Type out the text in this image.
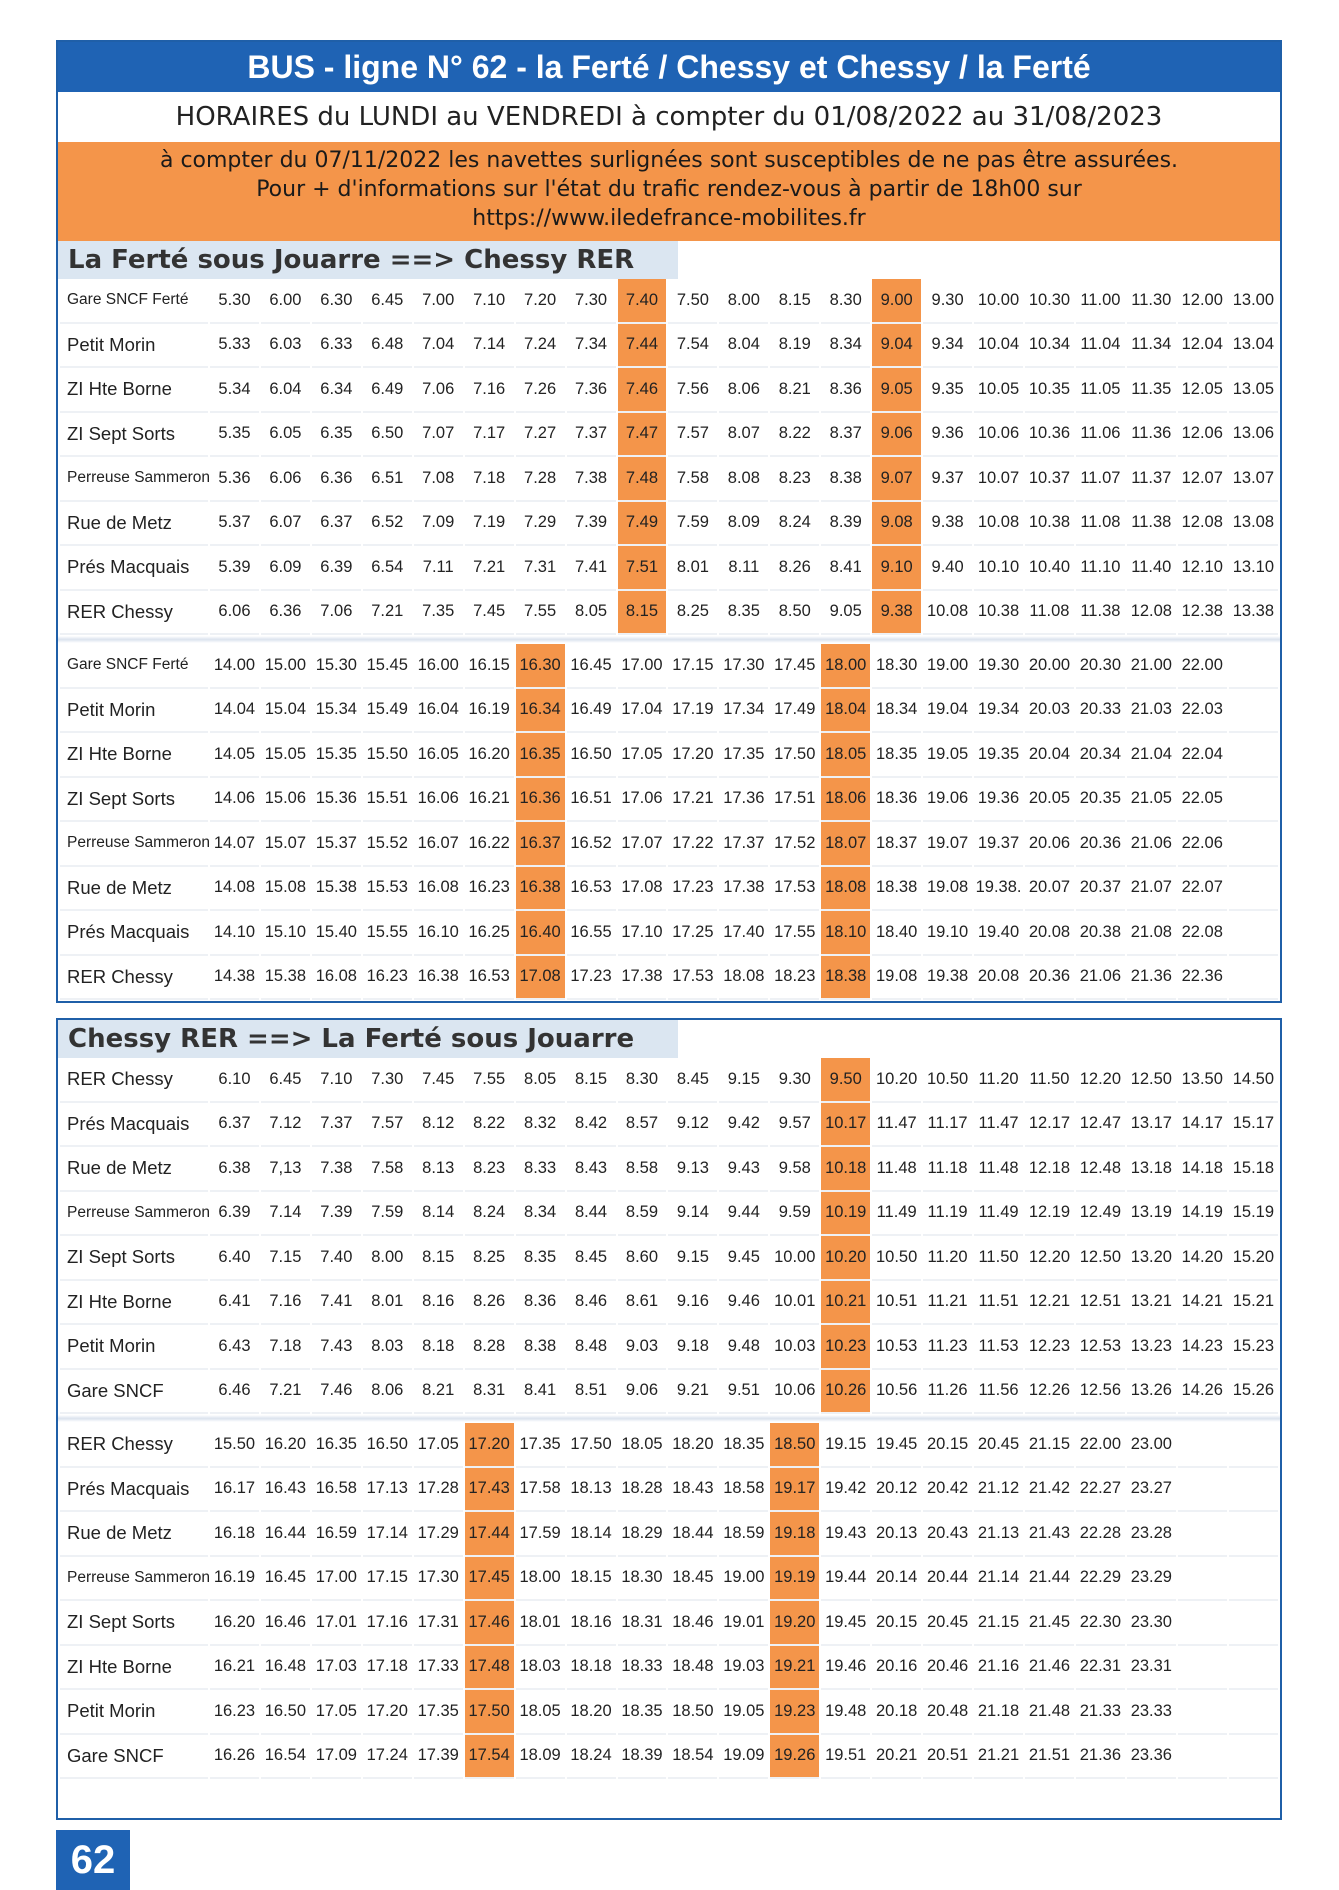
BUS - ligne N° 62 - la Ferté / Chessy et Chessy / la Ferté
HORAIRES du LUNDI au VENDREDI à compter du 01/08/2022 au 31/08/2023
à compter du 07/11/2022 les navettes surlignées sont susceptibles de ne pas être assurées.
Pour + d'informations sur l'état du trafic rendez-vous à partir de 18h00 sur
https://www.iledefrance-mobilites.fr
La Ferté sous Jouarre ==> Chessy RER
Gare SNCF Ferté	5.30	6.00	6.30	6.45	7.00	7.10	7.20	7.30	7.40	7.50	8.00	8.15	8.30	9.00	9.30	10.00	10.30	11.00	11.30	12.00	13.00
Petit Morin	5.33	6.03	6.33	6.48	7.04	7.14	7.24	7.34	7.44	7.54	8.04	8.19	8.34	9.04	9.34	10.04	10.34	11.04	11.34	12.04	13.04
ZI Hte Borne	5.34	6.04	6.34	6.49	7.06	7.16	7.26	7.36	7.46	7.56	8.06	8.21	8.36	9.05	9.35	10.05	10.35	11.05	11.35	12.05	13.05
ZI Sept Sorts	5.35	6.05	6.35	6.50	7.07	7.17	7.27	7.37	7.47	7.57	8.07	8.22	8.37	9.06	9.36	10.06	10.36	11.06	11.36	12.06	13.06
Perreuse Sammeron	5.36	6.06	6.36	6.51	7.08	7.18	7.28	7.38	7.48	7.58	8.08	8.23	8.38	9.07	9.37	10.07	10.37	11.07	11.37	12.07	13.07
Rue de Metz	5.37	6.07	6.37	6.52	7.09	7.19	7.29	7.39	7.49	7.59	8.09	8.24	8.39	9.08	9.38	10.08	10.38	11.08	11.38	12.08	13.08
Prés Macquais	5.39	6.09	6.39	6.54	7.11	7.21	7.31	7.41	7.51	8.01	8.11	8.26	8.41	9.10	9.40	10.10	10.40	11.10	11.40	12.10	13.10
RER Chessy	6.06	6.36	7.06	7.21	7.35	7.45	7.55	8.05	8.15	8.25	8.35	8.50	9.05	9.38	10.08	10.38	11.08	11.38	12.08	12.38	13.38
Gare SNCF Ferté	14.00	15.00	15.30	15.45	16.00	16.15	16.30	16.45	17.00	17.15	17.30	17.45	18.00	18.30	19.00	19.30	20.00	20.30	21.00	22.00	
Petit Morin	14.04	15.04	15.34	15.49	16.04	16.19	16.34	16.49	17.04	17.19	17.34	17.49	18.04	18.34	19.04	19.34	20.03	20.33	21.03	22.03	
ZI Hte Borne	14.05	15.05	15.35	15.50	16.05	16.20	16.35	16.50	17.05	17.20	17.35	17.50	18.05	18.35	19.05	19.35	20.04	20.34	21.04	22.04	
ZI Sept Sorts	14.06	15.06	15.36	15.51	16.06	16.21	16.36	16.51	17.06	17.21	17.36	17.51	18.06	18.36	19.06	19.36	20.05	20.35	21.05	22.05	
Perreuse Sammeron	14.07	15.07	15.37	15.52	16.07	16.22	16.37	16.52	17.07	17.22	17.37	17.52	18.07	18.37	19.07	19.37	20.06	20.36	21.06	22.06	
Rue de Metz	14.08	15.08	15.38	15.53	16.08	16.23	16.38	16.53	17.08	17.23	17.38	17.53	18.08	18.38	19.08	19.38.	20.07	20.37	21.07	22.07	
Prés Macquais	14.10	15.10	15.40	15.55	16.10	16.25	16.40	16.55	17.10	17.25	17.40	17.55	18.10	18.40	19.10	19.40	20.08	20.38	21.08	22.08	
RER Chessy	14.38	15.38	16.08	16.23	16.38	16.53	17.08	17.23	17.38	17.53	18.08	18.23	18.38	19.08	19.38	20.08	20.36	21.06	21.36	22.36	
Chessy RER ==> La Ferté sous Jouarre
RER Chessy	6.10	6.45	7.10	7.30	7.45	7.55	8.05	8.15	8.30	8.45	9.15	9.30	9.50	10.20	10.50	11.20	11.50	12.20	12.50	13.50	14.50
Prés Macquais	6.37	7.12	7.37	7.57	8.12	8.22	8.32	8.42	8.57	9.12	9.42	9.57	10.17	11.47	11.17	11.47	12.17	12.47	13.17	14.17	15.17
Rue de Metz	6.38	7,13	7.38	7.58	8.13	8.23	8.33	8.43	8.58	9.13	9.43	9.58	10.18	11.48	11.18	11.48	12.18	12.48	13.18	14.18	15.18
Perreuse Sammeron	6.39	7.14	7.39	7.59	8.14	8.24	8.34	8.44	8.59	9.14	9.44	9.59	10.19	11.49	11.19	11.49	12.19	12.49	13.19	14.19	15.19
ZI Sept Sorts	6.40	7.15	7.40	8.00	8.15	8.25	8.35	8.45	8.60	9.15	9.45	10.00	10.20	10.50	11.20	11.50	12.20	12.50	13.20	14.20	15.20
ZI Hte Borne	6.41	7.16	7.41	8.01	8.16	8.26	8.36	8.46	8.61	9.16	9.46	10.01	10.21	10.51	11.21	11.51	12.21	12.51	13.21	14.21	15.21
Petit Morin	6.43	7.18	7.43	8.03	8.18	8.28	8.38	8.48	9.03	9.18	9.48	10.03	10.23	10.53	11.23	11.53	12.23	12.53	13.23	14.23	15.23
Gare SNCF	6.46	7.21	7.46	8.06	8.21	8.31	8.41	8.51	9.06	9.21	9.51	10.06	10.26	10.56	11.26	11.56	12.26	12.56	13.26	14.26	15.26
RER Chessy	15.50	16.20	16.35	16.50	17.05	17.20	17.35	17.50	18.05	18.20	18.35	18.50	19.15	19.45	20.15	20.45	21.15	22.00	23.00		
Prés Macquais	16.17	16.43	16.58	17.13	17.28	17.43	17.58	18.13	18.28	18.43	18.58	19.17	19.42	20.12	20.42	21.12	21.42	22.27	23.27		
Rue de Metz	16.18	16.44	16.59	17.14	17.29	17.44	17.59	18.14	18.29	18.44	18.59	19.18	19.43	20.13	20.43	21.13	21.43	22.28	23.28		
Perreuse Sammeron	16.19	16.45	17.00	17.15	17.30	17.45	18.00	18.15	18.30	18.45	19.00	19.19	19.44	20.14	20.44	21.14	21.44	22.29	23.29		
ZI Sept Sorts	16.20	16.46	17.01	17.16	17.31	17.46	18.01	18.16	18.31	18.46	19.01	19.20	19.45	20.15	20.45	21.15	21.45	22.30	23.30		
ZI Hte Borne	16.21	16.48	17.03	17.18	17.33	17.48	18.03	18.18	18.33	18.48	19.03	19.21	19.46	20.16	20.46	21.16	21.46	22.31	23.31		
Petit Morin	16.23	16.50	17.05	17.20	17.35	17.50	18.05	18.20	18.35	18.50	19.05	19.23	19.48	20.18	20.48	21.18	21.48	21.33	23.33		
Gare SNCF	16.26	16.54	17.09	17.24	17.39	17.54	18.09	18.24	18.39	18.54	19.09	19.26	19.51	20.21	20.51	21.21	21.51	21.36	23.36		
62
